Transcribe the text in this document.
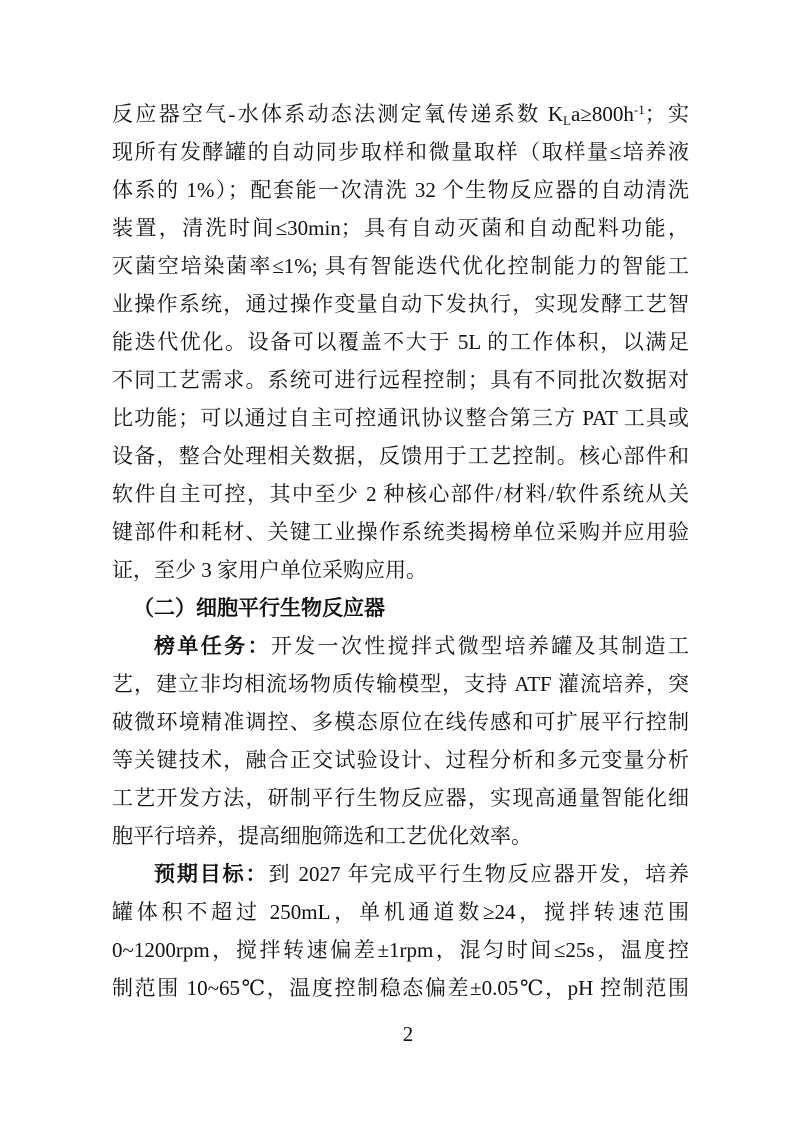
反应器空气-水体系动态法测定氧传递系数 $K_La\ge 800h^{-1}$；实
现所有发酵罐的自动同步取样和微量取样（取样量≤培养液
体系的 1%）；配套能一次清洗 32 个生物反应器的自动清洗
装置，清洗时间≤30min；具有自动灭菌和自动配料功能，
灭菌空培染菌率≤1%; 具有智能迭代优化控制能力的智能工
业操作系统，通过操作变量自动下发执行，实现发酵工艺智
能迭代优化。设备可以覆盖不大于 5L 的工作体积，以满足
不同工艺需求。系统可进行远程控制；具有不同批次数据对
比功能；可以通过自主可控通讯协议整合第三方 PAT 工具或
设备，整合处理相关数据，反馈用于工艺控制。核心部件和
软件自主可控，其中至少 2 种核心部件/材料/软件系统从关
键部件和耗材、关键工业操作系统类揭榜单位采购并应用验
证，至少 3 家用户单位采购应用。
（二）细胞平行生物反应器
榜单任务：开发一次性搅拌式微型培养罐及其制造工
艺，建立非均相流场物质传输模型，支持 ATF 灌流培养，突
破微环境精准调控、多模态原位在线传感和可扩展平行控制
等关键技术，融合正交试验设计、过程分析和多元变量分析
工艺开发方法，研制平行生物反应器，实现高通量智能化细
胞平行培养，提高细胞筛选和工艺优化效率。
预期目标：到 2027 年完成平行生物反应器开发，培养
罐体积不超过 250mL，单机通道数≥24，搅拌转速范围
0~1200rpm，搅拌转速偏差±1rpm，混匀时间≤25s，温度控
制范围 10~65℃，温度控制稳态偏差±0.05℃，pH 控制范围
2
